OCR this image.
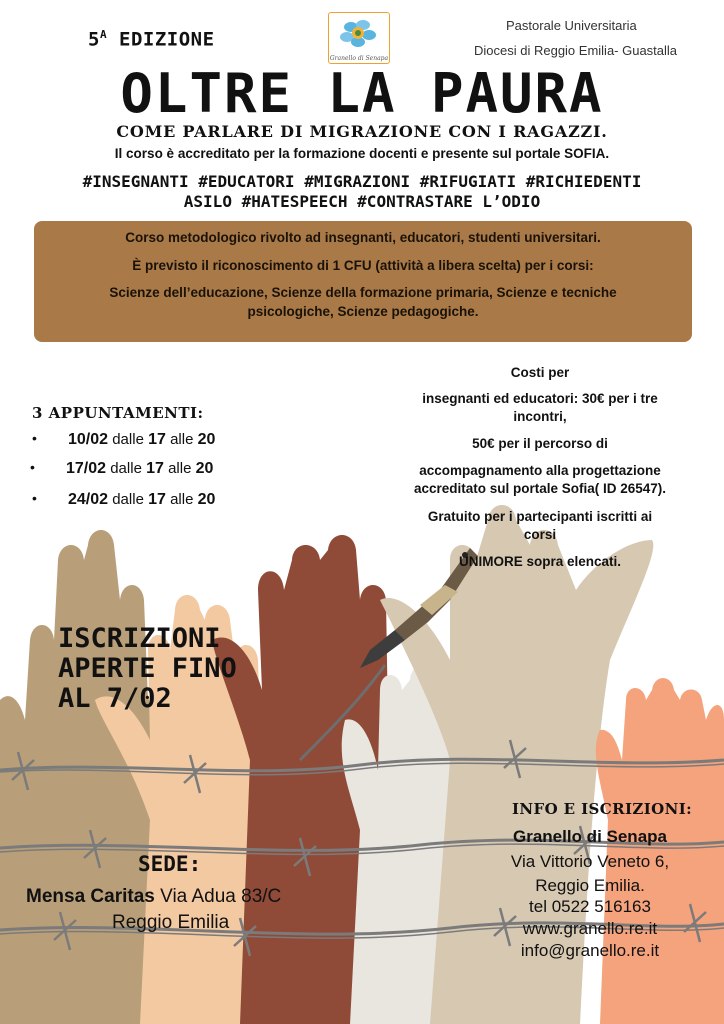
$5^A$ EDIZIONE
Granello di Senapa
Pastorale Universitaria
Diocesi di Reggio Emilia- Guastalla
OLTRE LA PAURA
COME PARLARE DI MIGRAZIONE CON I RAGAZZI.
Il corso è accreditato per la formazione docenti e presente sul portale SOFIA.
#INSEGNANTI #EDUCATORI #MIGRAZIONI #RIFUGIATI #RICHIEDENTI
ASILO #HATESPEECH #CONTRASTARE L’ODIO
Corso metodologico rivolto ad insegnanti, educatori, studenti universitari.
È previsto il riconoscimento di 1 CFU (attività a libera scelta) per i corsi:
Scienze dell’educazione, Scienze della formazione primaria, Scienze e tecniche
psicologiche, Scienze pedagogiche.
3 APPUNTAMENTI:
• 10/02 dalle 17 alle 20
• 17/02 dalle 17 alle 20
• 24/02 dalle 17 alle 20
Costi per
insegnanti ed educatori: 30€ per i tre
incontri,
50€ per il percorso di
accompagnamento alla progettazione
accreditato sul portale Sofia( ID 26547).
Gratuito per i partecipanti iscritti ai
corsi
UNIMORE sopra elencati.
ISCRIZIONI
APERTE FINO
AL 7/02
SEDE:
Mensa Caritas Via Adua 83/C
Reggio Emilia
INFO E ISCRIZIONI:
Granello di Senapa
Via Vittorio Veneto 6,
Reggio Emilia.
tel 0522 516163
www.granello.re.it
info@granello.re.it
